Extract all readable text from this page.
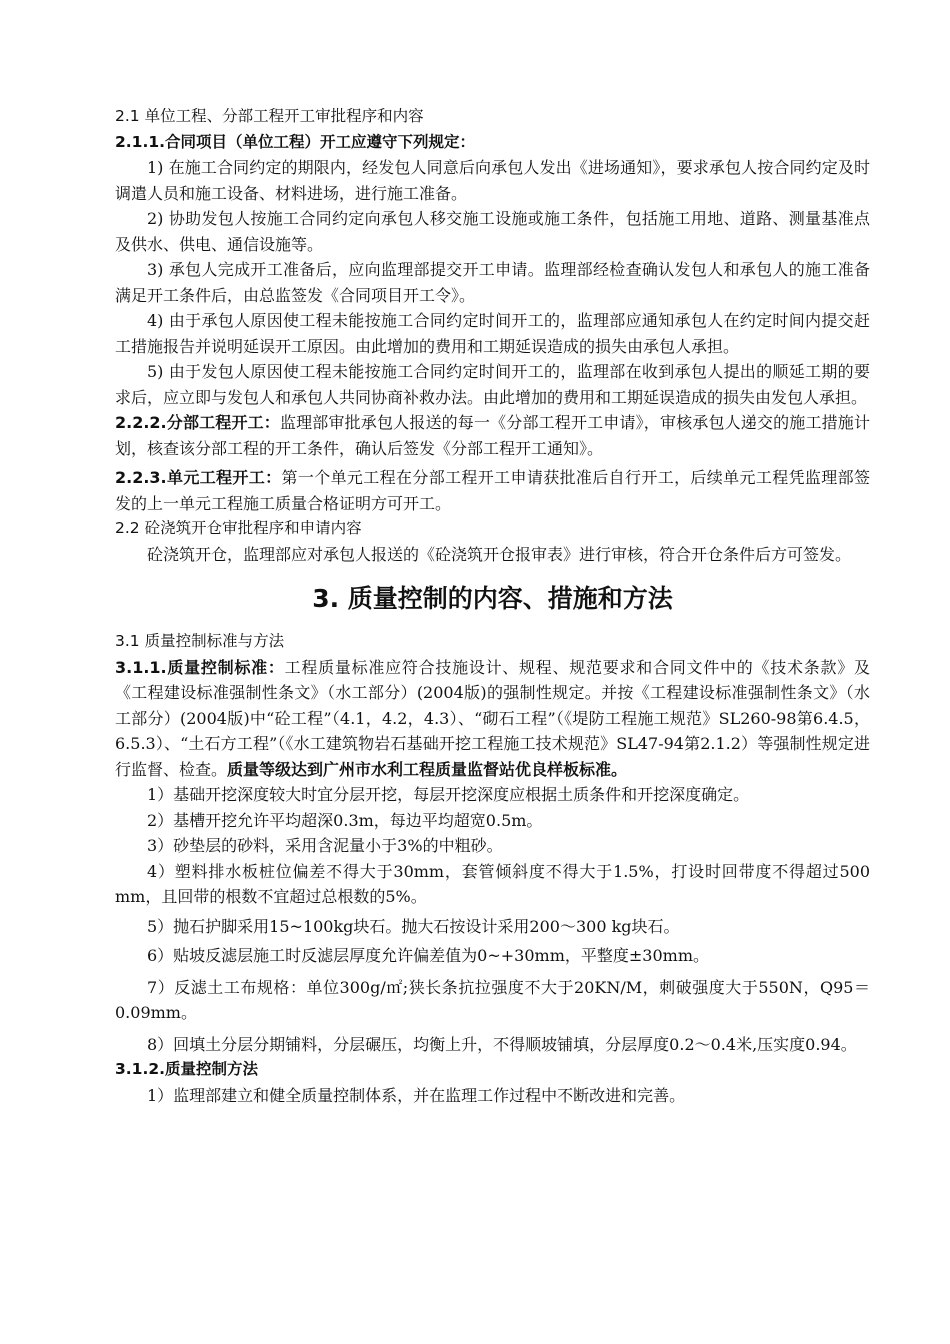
2.1 单位工程、分部工程开工审批程序和内容

2.1.1.合同项目（单位工程）开工应遵守下列规定：

1) 在施工合同约定的期限内，经发包人同意后向承包人发出《进场通知》，要求承包人按合同约定及时调遣人员和施工设备、材料进场，进行施工准备。

2) 协助发包人按施工合同约定向承包人移交施工设施或施工条件，包括施工用地、道路、测量基准点及供水、供电、通信设施等。

3) 承包人完成开工准备后，应向监理部提交开工申请。监理部经检查确认发包人和承包人的施工准备满足开工条件后，由总监签发《合同项目开工令》。

4) 由于承包人原因使工程未能按施工合同约定时间开工的，监理部应通知承包人在约定时间内提交赶工措施报告并说明延误开工原因。由此增加的费用和工期延误造成的损失由承包人承担。

5) 由于发包人原因使工程未能按施工合同约定时间开工的，监理部在收到承包人提出的顺延工期的要求后，应立即与发包人和承包人共同协商补救办法。由此增加的费用和工期延误造成的损失由发包人承担。

2.2.2.分部工程开工：监理部审批承包人报送的每一《分部工程开工申请》，审核承包人递交的施工措施计划，核查该分部工程的开工条件，确认后签发《分部工程开工通知》。

2.2.3.单元工程开工：第一个单元工程在分部工程开工申请获批准后自行开工，后续单元工程凭监理部签发的上一单元工程施工质量合格证明方可开工。

2.2 砼浇筑开仓审批程序和申请内容

砼浇筑开仓，监理部应对承包人报送的《砼浇筑开仓报审表》进行审核，符合开仓条件后方可签发。

3. 质量控制的内容、措施和方法

3.1 质量控制标准与方法

3.1.1.质量控制标准：工程质量标准应符合技施设计、规程、规范要求和合同文件中的《技术条款》及《工程建设标准强制性条文》（水工部分）(2004版)的强制性规定。并按《工程建设标准强制性条文》（水工部分）(2004版)中“砼工程”（4.1，4.2，4.3）、“砌石工程”（《堤防工程施工规范》SL260-98第6.4.5，6.5.3）、“土石方工程”（《水工建筑物岩石基础开挖工程施工技术规范》SL47-94第2.1.2）等强制性规定进行监督、检查。质量等级达到广州市水利工程质量监督站优良样板标准。

1）基础开挖深度较大时宜分层开挖，每层开挖深度应根据土质条件和开挖深度确定。

2）基槽开挖允许平均超深0.3m，每边平均超宽0.5m。

3）砂垫层的砂料，采用含泥量小于3%的中粗砂。

4）塑料排水板桩位偏差不得大于30mm，套管倾斜度不得大于1.5%，打设时回带度不得超过500 mm，且回带的根数不宜超过总根数的5%。

5）抛石护脚采用15~100kg块石。抛大石按设计采用200～300 kg块石。

6）贴坡反滤层施工时反滤层厚度允许偏差值为0~+30mm，平整度±30mm。

7）反滤土工布规格：单位300g/㎡;狭长条抗拉强度不大于20KN/M，刺破强度大于550N，Q95＝0.09mm。

8）回填土分层分期铺料，分层碾压，均衡上升，不得顺坡铺填，分层厚度0.2～0.4米,压实度0.94。

3.1.2.质量控制方法

1）监理部建立和健全质量控制体系，并在监理工作过程中不断改进和完善。
